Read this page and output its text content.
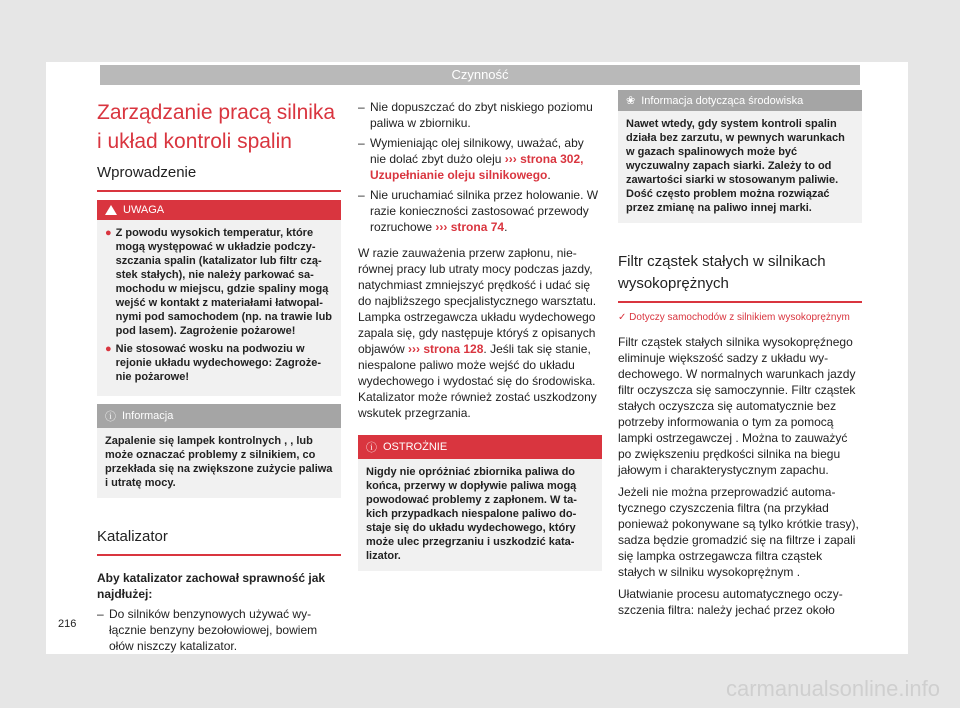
Czynność
Zarządzanie pracą silnika i układ kontroli spalin
Wprowadzenie
UWAGA
● Z powodu wysokich temperatur, które mogą występować w układzie podczyszczania spalin (katalizator lub filtr cząstek stałych), nie należy parkować samochodu w miejscu, gdzie spaliny mogą wejść w kontakt z materiałami łatwopalnymi pod samochodem (np. na trawie lub pod lasem). Zagrożenie pożarowe!
● Nie stosować wosku na podwoziu w rejonie układu wydechowego: Zagrożenie pożarowe!
ⓘ Informacja
Zapalenie się lampek kontrolnych , , lub może oznaczać problemy z silnikiem, co przekłada się na zwiększone zużycie paliwa i utratę mocy.
Katalizator

Aby katalizator zachował sprawność jak najdłużej:

– Do silników benzynowych używać wyłącznie benzyny bezołowiowej, bowiem ołów niszczy katalizator.
– Nie dopuszczać do zbyt niskiego poziomu paliwa w zbiorniku.
– Wymieniając olej silnikowy, uważać, aby nie dolać zbyt dużo oleju ››› strona 302, Uzupełnianie oleju silnikowego.
– Nie uruchamiać silnika przez holowanie. W razie konieczności zastosować przewody rozruchowe ››› strona 74.

W razie zauważenia przerw zapłonu, nierównej pracy lub utraty mocy podczas jazdy, natychmiast zmniejszyć prędkość i udać się do najbliższego specjalistycznego warsztatu. Lampka ostrzegawcza układu wydechowego zapala się, gdy następuje któryś z opisanych objawów ››› strona 128. Jeśli tak się stanie, niespalone paliwo może wejść do układu wydechowego i wydostać się do środowiska. Katalizator może również zostać uszkodzony wskutek przegrzania.

ⓘ OSTROŻNIE
Nigdy nie opróżniać zbiornika paliwa do końca, przerwy w dopływie paliwa mogą powodować problemy z zapłonem. W takich przypadkach niespalone paliwo dostaje się do układu wydechowego, który może ulec przegrzaniu i uszkodzić katalizator.
❀ Informacja dotycząca środowiska
Nawet wtedy, gdy system kontroli spalin działa bez zarzutu, w pewnych warunkach w gazach spalinowych może być wyczuwalny zapach siarki. Zależy to od zawartości siarki w stosowanym paliwie. Dość często problem można rozwiązać przez zmianę na paliwo innej marki.
Filtr cząstek stałych w silnikach wysokoprężnych
✓ Dotyczy samochodów z silnikiem wysokoprężnym

Filtr cząstek stałych silnika wysokopręźnego eliminuje większość sadzy z układu wydechowego. W normalnych warunkach jazdy filtr oczyszcza się samoczynnie. Filtr cząstek stałych oczyszcza się automatycznie bez potrzeby informowania o tym za pomocą lampki ostrzegawczej . Można to zauważyć po zwiększeniu prędkości silnika na biegu jałowym i charakterystycznym zapachu.

Jeżeli nie można przeprowadzić automatycznego czyszczenia filtra (na przykład ponieważ pokonywane są tylko krótkie trasy), sadza będzie gromadzić się na filtrze i zapali się lampka ostrzegawcza filtra cząstek stałych w silniku wysokoprężnym .

Ułatwianie procesu automatycznego oczyszczenia filtra: należy jechać przez około

216
carmanualsonline.info
